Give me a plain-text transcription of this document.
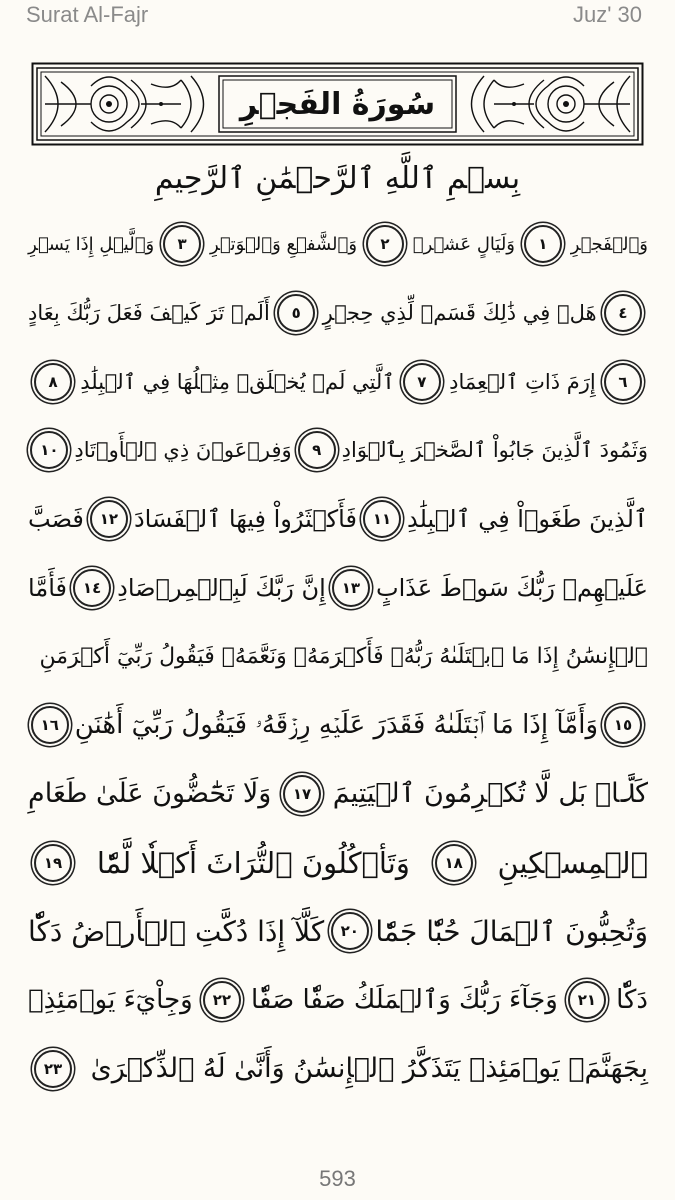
Surat Al-Fajr	Juz' 30
سُورَةُ الفَجۡرِ
بِسۡمِ ٱللَّهِ ٱلرَّحۡمَٰنِ ٱلرَّحِيمِ
وَٱلۡفَجۡرِ
١
وَلَيَالٍ عَشۡرٖ
٢
وَٱلشَّفۡعِ وَٱلۡوَتۡرِ
٣
وَٱلَّيۡلِ إِذَا يَسۡرِ
٤
هَلۡ فِي ذَٰلِكَ قَسَمٞ لِّذِي حِجۡرٍ
٥
أَلَمۡ تَرَ كَيۡفَ فَعَلَ رَبُّكَ بِعَادٍ
٦
إِرَمَ ذَاتِ ٱلۡعِمَادِ
٧
ٱلَّتِي لَمۡ يُخۡلَقۡ مِثۡلُهَا فِي ٱلۡبِلَٰدِ
٨
وَثَمُودَ ٱلَّذِينَ جَابُواْ ٱلصَّخۡرَ بِٱلۡوَادِ
٩
وَفِرۡعَوۡنَ ذِي ٱلۡأَوۡتَادِ
١٠
ٱلَّذِينَ طَغَوۡاْ فِي ٱلۡبِلَٰدِ
١١
فَأَكۡثَرُواْ فِيهَا ٱلۡفَسَادَ
١٢
فَصَبَّ
عَلَيۡهِمۡ رَبُّكَ سَوۡطَ عَذَابٍ
١٣
إِنَّ رَبَّكَ لَبِٱلۡمِرۡصَادِ
١٤
فَأَمَّا
ٱلۡإِنسَٰنُ إِذَا مَا ٱبۡتَلَىٰهُ رَبُّهُۥ فَأَكۡرَمَهُۥ وَنَعَّمَهُۥ فَيَقُولُ رَبِّيٓ أَكۡرَمَنِ
١٥
وَأَمَّآ إِذَا مَا ٱبۡتَلَىٰهُ فَقَدَرَ عَلَيۡهِ رِزۡقَهُۥ فَيَقُولُ رَبِّيٓ أَهَٰنَنِ
١٦
كَلَّاۖ بَل لَّا تُكۡرِمُونَ ٱلۡيَتِيمَ
١٧
وَلَا تَحَٰٓضُّونَ عَلَىٰ طَعَامِ
ٱلۡمِسۡكِينِ
١٨
وَتَأۡكُلُونَ ٱلتُّرَاثَ أَكۡلٗا لَّمّٗا
١٩
وَتُحِبُّونَ ٱلۡمَالَ حُبّٗا جَمّٗا
٢٠
كَلَّآ إِذَا دُكَّتِ ٱلۡأَرۡضُ دَكّٗا
دَكّٗا
٢١
وَجَآءَ رَبُّكَ وَٱلۡمَلَكُ صَفّٗا صَفّٗا
٢٢
وَجِاْيٓءَ يَوۡمَئِذِۭ
بِجَهَنَّمَۚ يَوۡمَئِذٖ يَتَذَكَّرُ ٱلۡإِنسَٰنُ وَأَنَّىٰ لَهُ ٱلذِّكۡرَىٰ
٢٣
593
